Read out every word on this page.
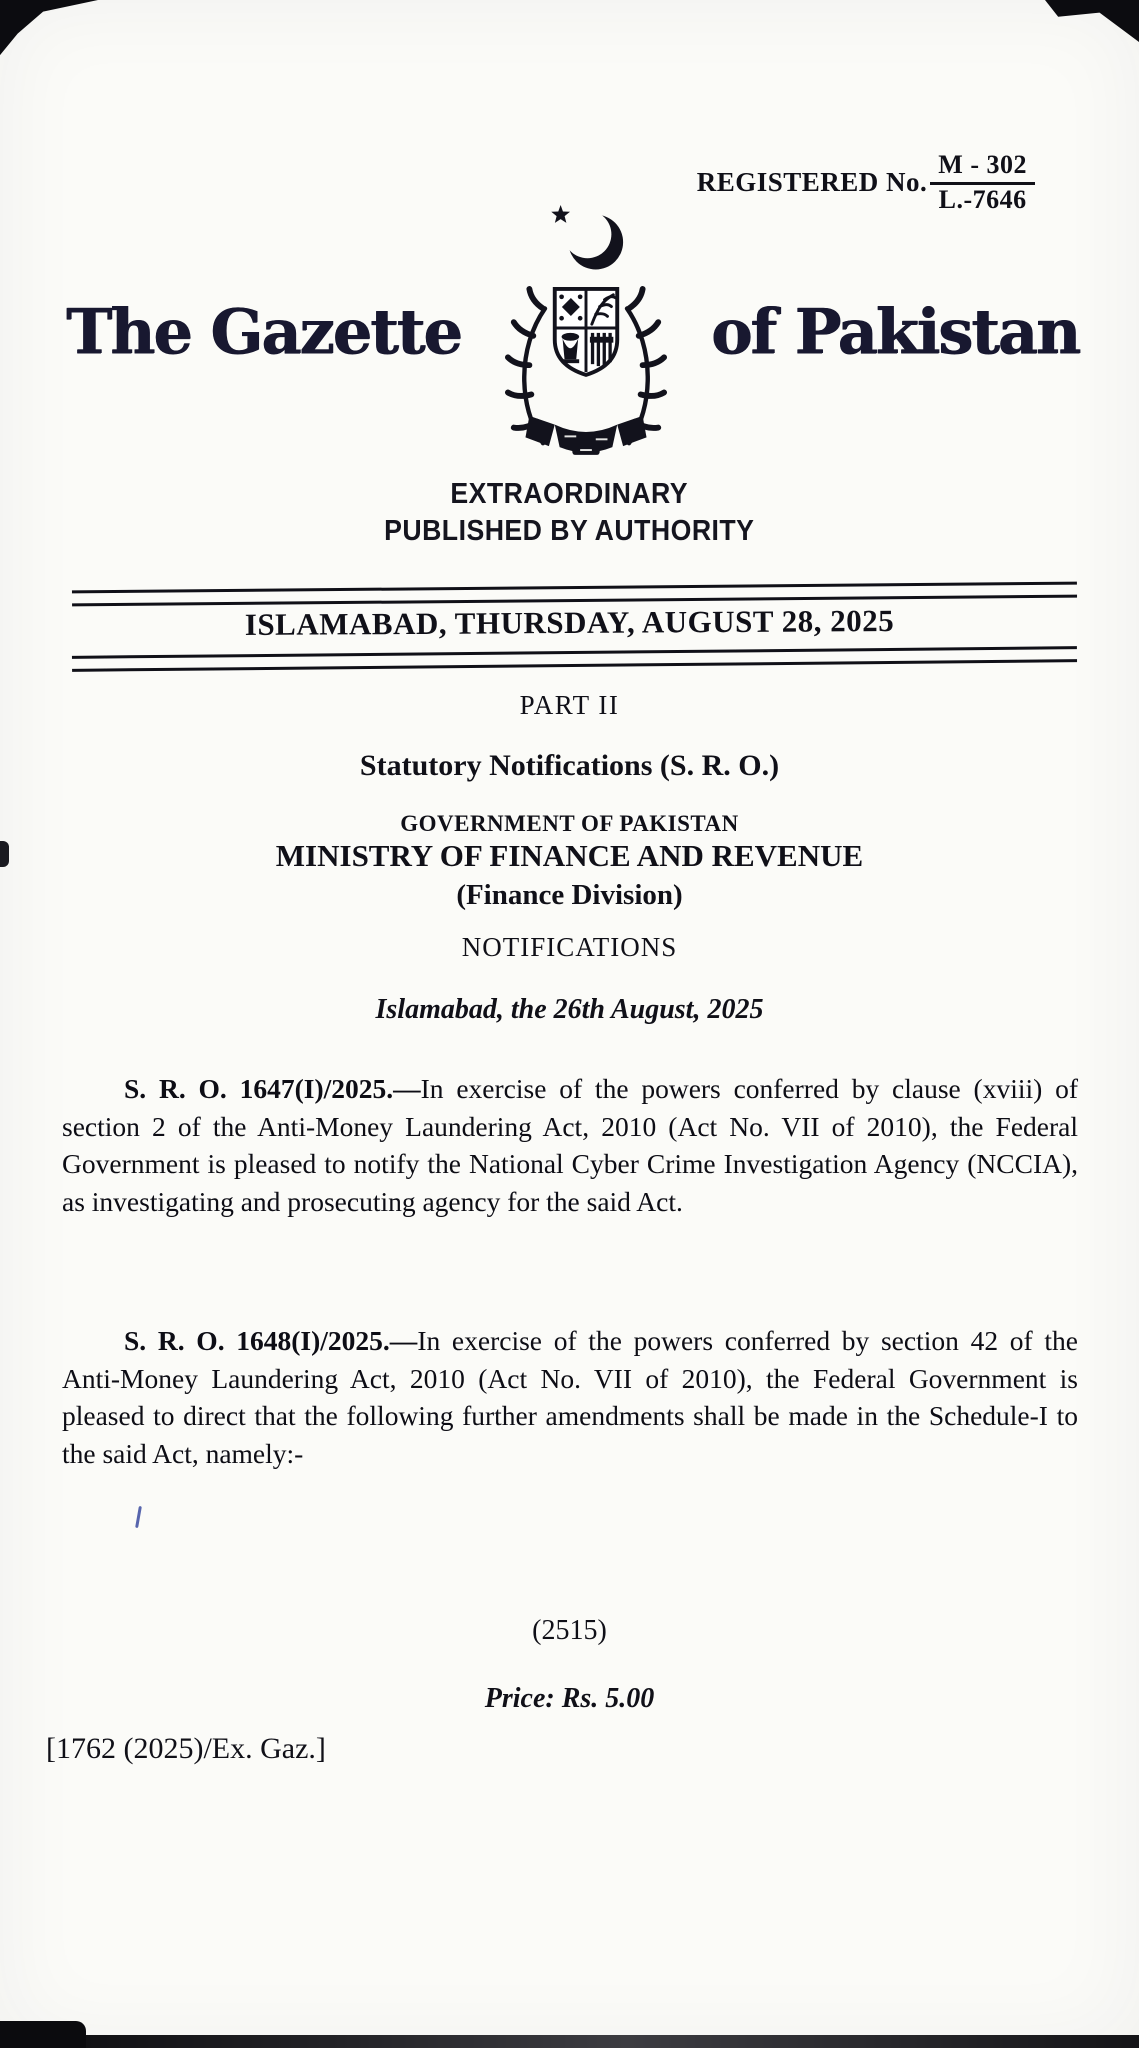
REGISTERED No. $\frac{M - 302}{L.-7646}$
The Gazette	of Pakistan
EXTRAORDINARY
PUBLISHED BY AUTHORITY
ISLAMABAD, THURSDAY, AUGUST 28, 2025
PART II
Statutory Notifications (S. R. O.)
GOVERNMENT OF PAKISTAN
MINISTRY OF FINANCE AND REVENUE
(Finance Division)
NOTIFICATIONS
Islamabad, the 26th August, 2025

S. R. O. 1647(I)/2025.—In exercise of the powers conferred by clause (xviii) of section 2 of the Anti-Money Laundering Act, 2010 (Act No. VII of 2010), the Federal Government is pleased to notify the National Cyber Crime Investigation Agency (NCCIA), as investigating and prosecuting agency for the said Act.

S. R. O. 1648(I)/2025.—In exercise of the powers conferred by section 42 of the Anti-Money Laundering Act, 2010 (Act No. VII of 2010), the Federal Government is pleased to direct that the following further amendments shall be made in the Schedule-I to the said Act, namely:-

(2515)
Price: Rs. 5.00
[1762 (2025)/Ex. Gaz.]
